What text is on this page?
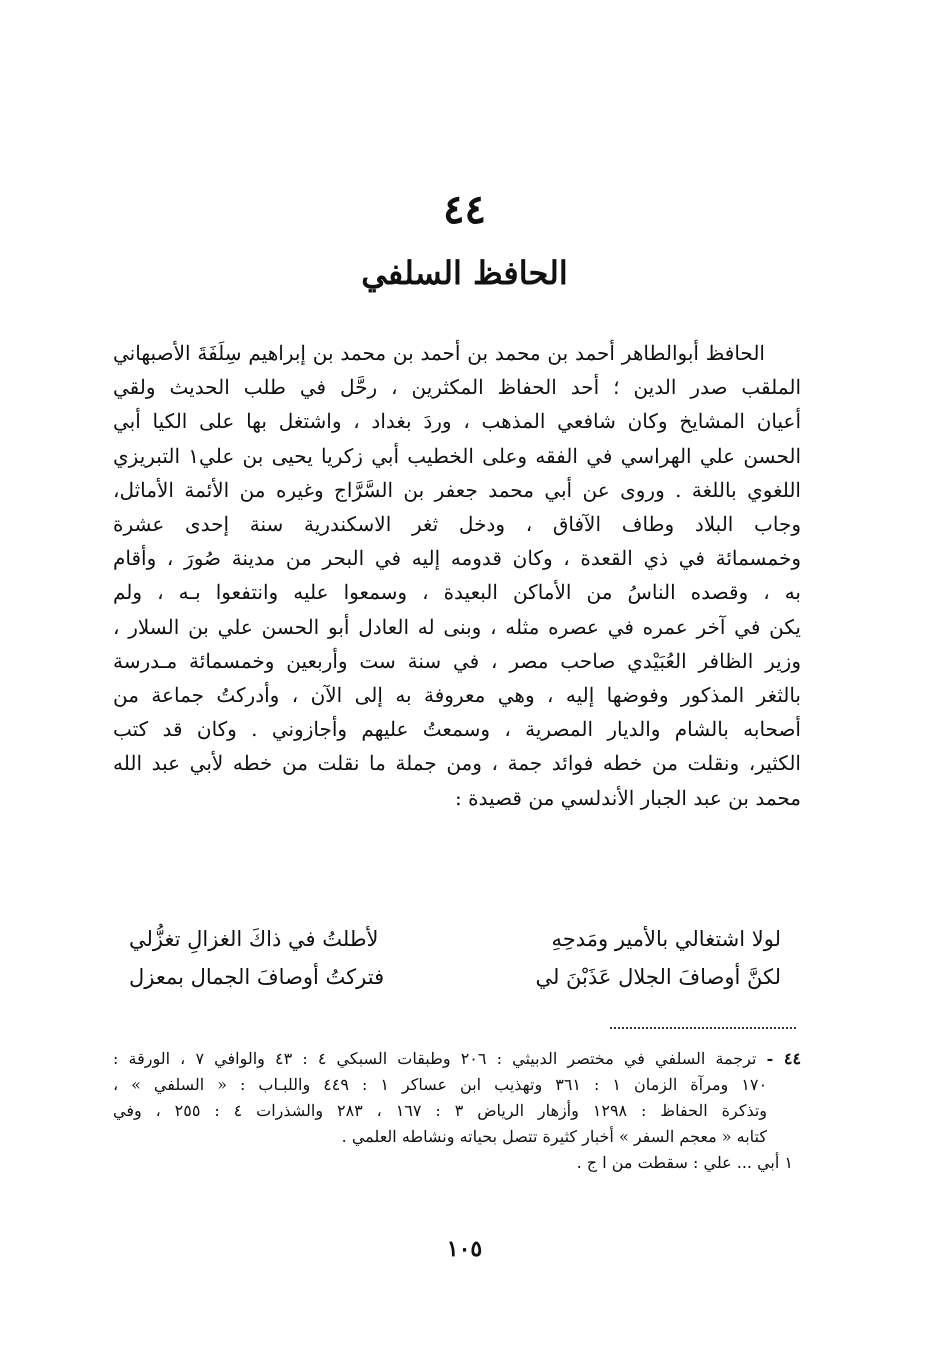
٤٤
الحافظ السلفي
الحافظ أبوالطاهر أحمد بن محمد بن أحمد بن محمد بن إبراهيم سِلَفَةَ الأصبهاني
الملقب صدر الدين ؛ أحد الحفاظ المكثرين ، رحَّل في طلب الحديث ولقي
أعيان المشايخ وكان شافعي المذهب ، وردَ بغداد ، واشتغل بها على الكيا أبي
الحسن علي الهراسي في الفقه وعلى الخطيب أبي زكريا يحيى بن علي١ التبريزي
اللغوي باللغة . وروى عن أبي محمد جعفر بن السَّرَّاج وغيره من الأئمة الأماثل،
وجاب البلاد وطاف الآفاق ، ودخل ثغر الاسكندرية سنة إحدى عشرة
وخمسمائة في ذي القعدة ، وكان قدومه إليه في البحر من مدينة صُورَ ، وأقام
به ، وقصده الناسُ من الأماكن البعيدة ، وسمعوا عليه وانتفعوا بـه ، ولم
يكن في آخر عمره في عصره مثله ، وبنى له العادل أبو الحسن علي بن السلار ،
وزير الظافر العُبَيْدي صاحب مصر ، في سنة ست وأربعين وخمسمائة مـدرسة
بالثغر المذكور وفوضها إليه ، وهي معروفة به إلى الآن ، وأدركتُ جماعة من
أصحابه بالشام والديار المصرية ، وسمعتُ عليهم وأجازوني . وكان قد كتب
الكثير، ونقلت من خطه فوائد جمة ، ومن جملة ما نقلت من خطه لأبي عبد الله
محمد بن عبد الجبار الأندلسي من قصيدة :
لولا اشتغالي بالأمير ومَدحِهِ
لأطلتُ في ذاكَ الغزالِ تغزُّلي
لكنَّ أوصافَ الجلال عَذَبْنَ لي
فتركتُ أوصافَ الجمال بمعزل
٤٤ - ترجمة السلفي في مختصر الدبيثي : ٢٠٦ وطبقات السبكي ٤ : ٤٣ والوافي ٧ ، الورقة :
١٧٠ ومرآة الزمان ١ : ٣٦١ وتهذيب ابن عساكر ١ : ٤٤٩ واللبـاب : « السلفي » ،
وتذكرة الحفاظ : ١٢٩٨ وأزهار الرياض ٣ : ١٦٧ ، ٢٨٣ والشذرات ٤ : ٢٥٥ ، وفي
كتابه « معجم السفر » أخبار كثيرة تتصل بحياته ونشاطه العلمي .
١ أبي ... علي : سقطت من ا ج .
١٠٥
